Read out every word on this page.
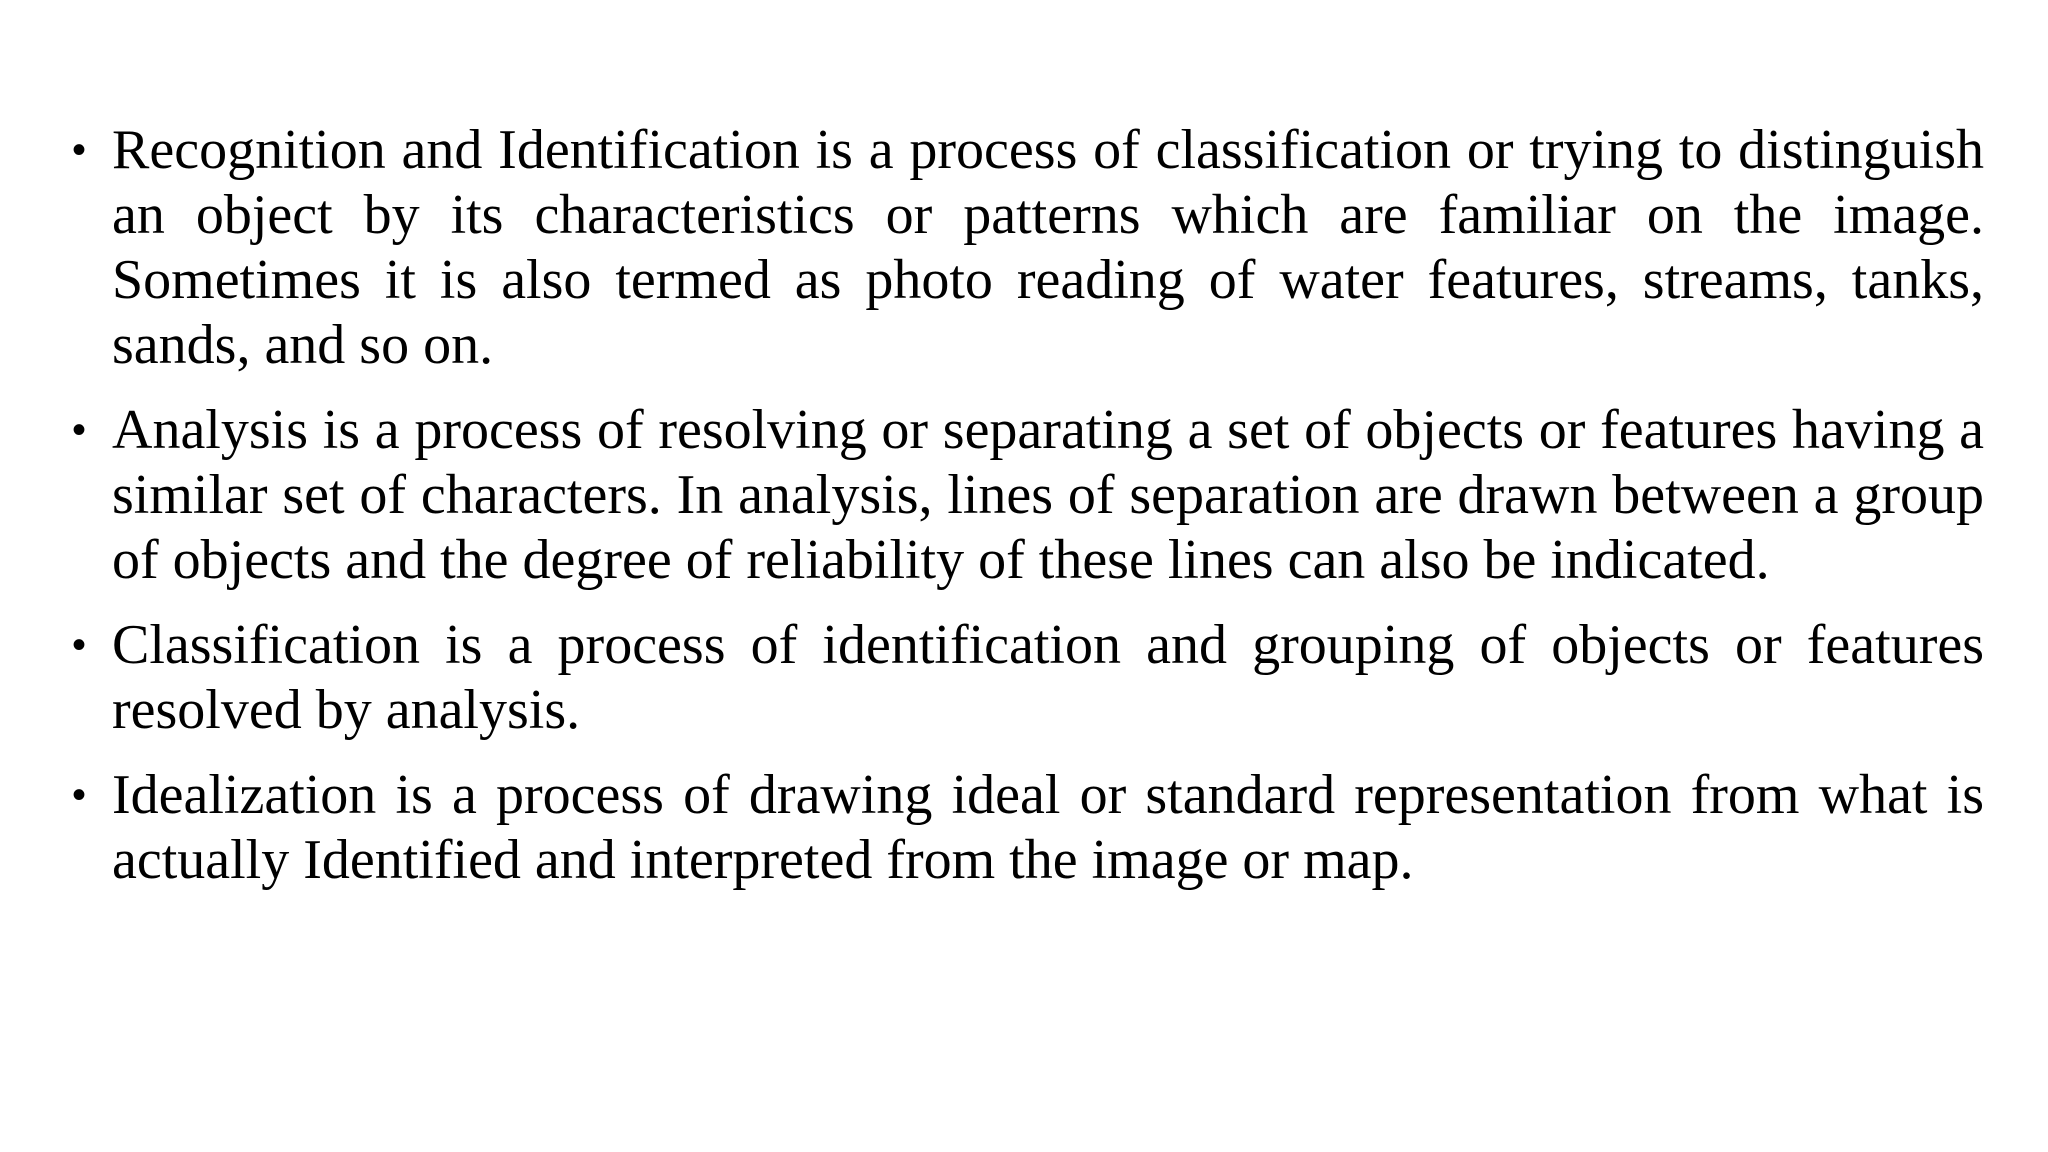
• Recognition and Identification is a process of classification or trying to distinguish an object by its characteristics or patterns which are familiar on the image. Sometimes it is also termed as photo reading of water features, streams, tanks, sands, and so on.
• Analysis is a process of resolving or separating a set of objects or features having a similar set of characters. In analysis, lines of separation are drawn between a group of objects and the degree of reliability of these lines can also be indicated.
• Classification is a process of identification and grouping of objects or features resolved by analysis.
• Idealization is a process of drawing ideal or standard representation from what is actually Identified and interpreted from the image or map.
